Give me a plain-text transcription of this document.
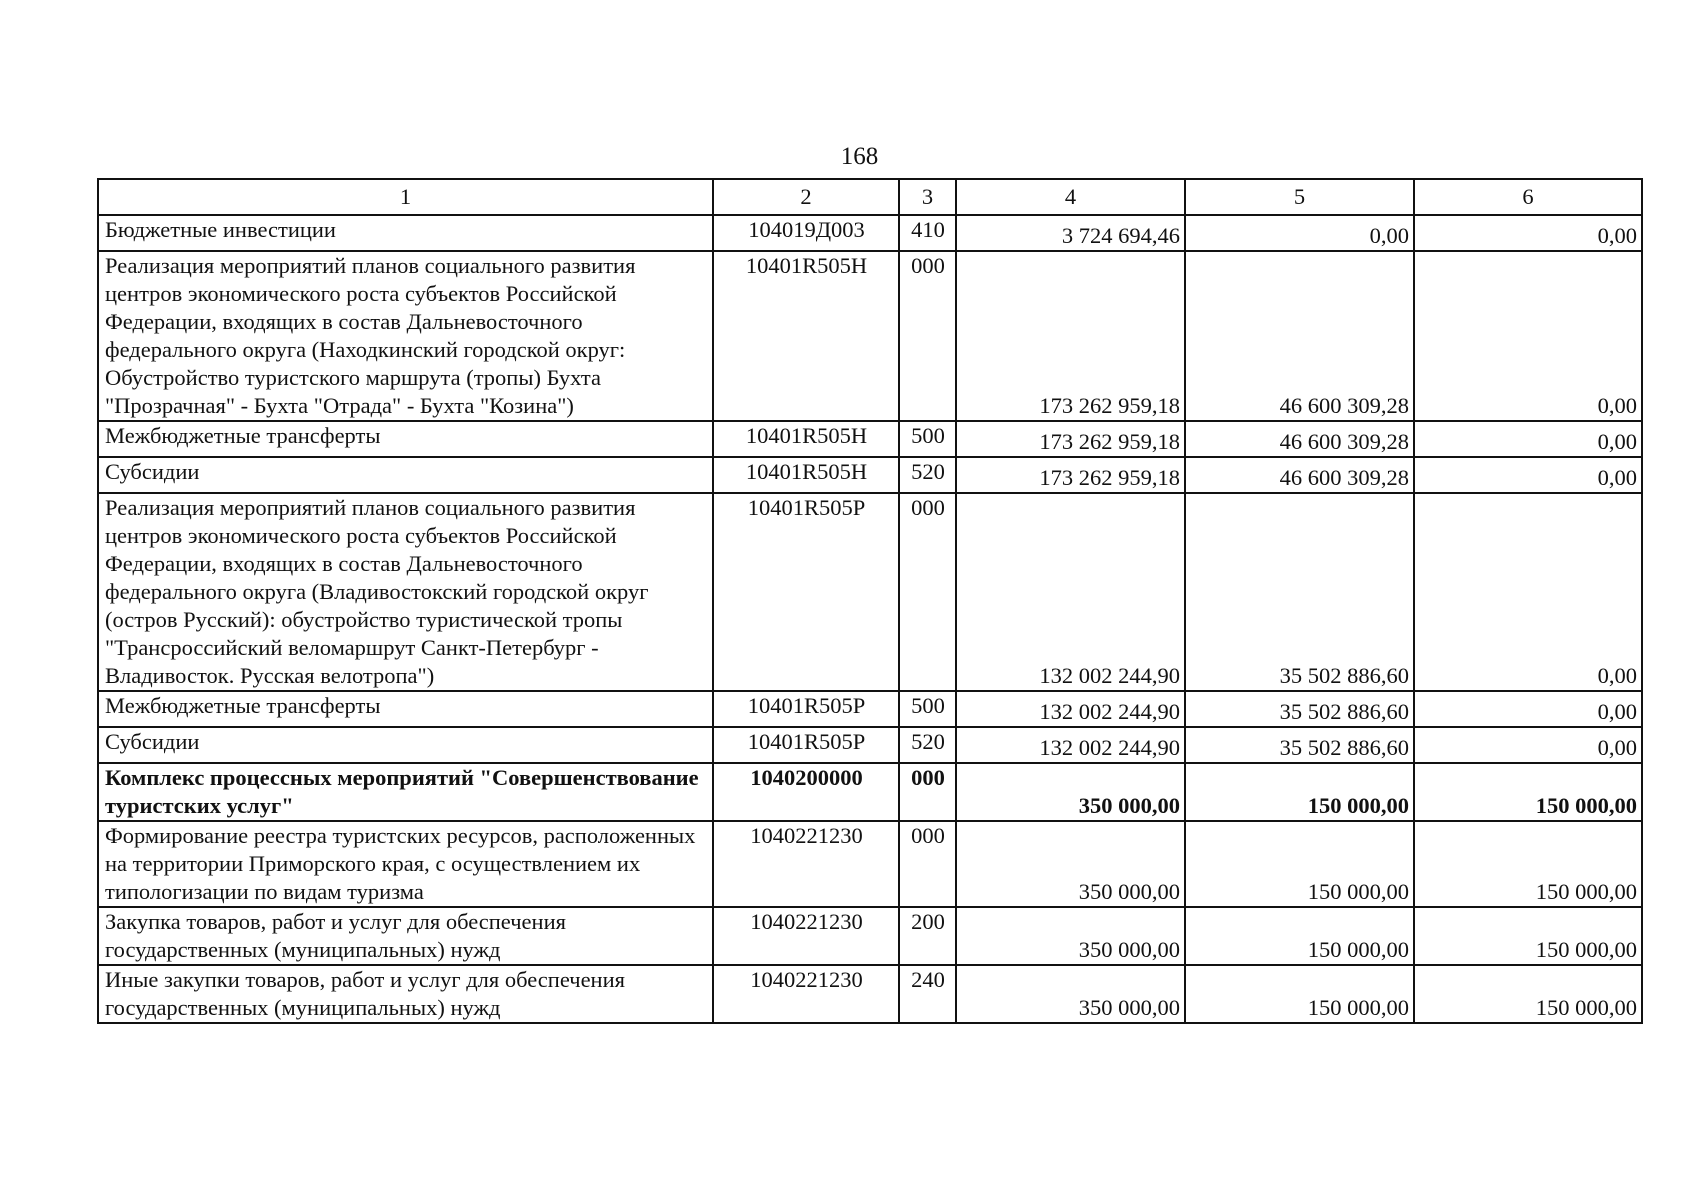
168
1	2	3	4	5	6
Бюджетные инвестиции	104019Д003	410	3 724 694,46	0,00	0,00
Реализация мероприятий планов социального развития центров экономического роста субъектов Российской Федерации, входящих в состав Дальневосточного федерального округа (Находкинский городской округ: Обустройство туристского маршрута (тропы) Бухта "Прозрачная" - Бухта "Отрада" - Бухта "Козина")	10401R505Н	000	173 262 959,18	46 600 309,28	0,00
Межбюджетные трансферты	10401R505Н	500	173 262 959,18	46 600 309,28	0,00
Субсидии	10401R505Н	520	173 262 959,18	46 600 309,28	0,00
Реализация мероприятий планов социального развития центров экономического роста субъектов Российской Федерации, входящих в состав Дальневосточного федерального округа (Владивостокский городской округ (остров Русский): обустройство туристической тропы "Трансроссийский веломаршрут Санкт-Петербург - Владивосток. Русская велотропа")	10401R505Р	000	132 002 244,90	35 502 886,60	0,00
Межбюджетные трансферты	10401R505Р	500	132 002 244,90	35 502 886,60	0,00
Субсидии	10401R505Р	520	132 002 244,90	35 502 886,60	0,00
Комплекс процессных мероприятий "Совершенствование туристских услуг"	1040200000	000	350 000,00	150 000,00	150 000,00
Формирование реестра туристских ресурсов, расположенных на территории Приморского края, с осуществлением их типологизации по видам туризма	1040221230	000	350 000,00	150 000,00	150 000,00
Закупка товаров, работ и услуг для обеспечения государственных (муниципальных) нужд	1040221230	200	350 000,00	150 000,00	150 000,00
Иные закупки товаров, работ и услуг для обеспечения государственных (муниципальных) нужд	1040221230	240	350 000,00	150 000,00	150 000,00
